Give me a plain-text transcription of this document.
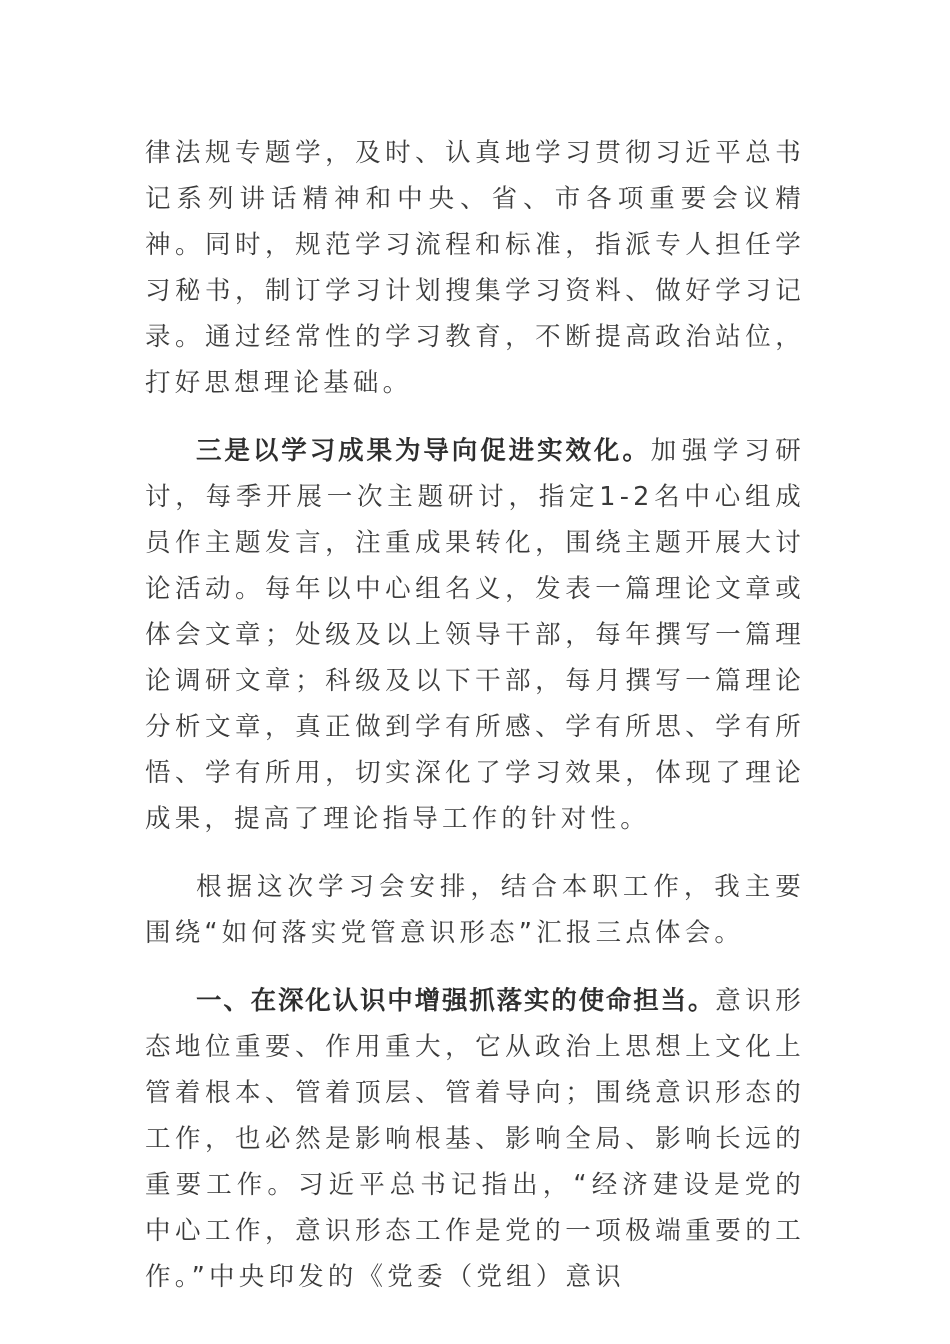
律法规专题学，及时、认真地学习贯彻习近平总书记系列讲话精神和中央、省、市各项重要会议精神。同时，规范学习流程和标准，指派专人担任学习秘书，制订学习计划搜集学习资料、做好学习记录。通过经常性的学习教育，不断提高政治站位，打好思想理论基础。

三是以学习成果为导向促进实效化。加强学习研讨，每季开展一次主题研讨，指定1-2名中心组成员作主题发言，注重成果转化，围绕主题开展大讨论活动。每年以中心组名义，发表一篇理论文章或体会文章；处级及以上领导干部，每年撰写一篇理论调研文章；科级及以下干部，每月撰写一篇理论分析文章，真正做到学有所感、学有所思、学有所悟、学有所用，切实深化了学习效果，体现了理论成果，提高了理论指导工作的针对性。

根据这次学习会安排，结合本职工作，我主要围绕“如何落实党管意识形态”汇报三点体会。

一、在深化认识中增强抓落实的使命担当。意识形态地位重要、作用重大，它从政治上思想上文化上管着根本、管着顶层、管着导向；围绕意识形态的工作，也必然是影响根基、影响全局、影响长远的重要工作。习近平总书记指出，“经济建设是党的中心工作，意识形态工作是党的一项极端重要的工作。”中央印发的《党委（党组）意识
